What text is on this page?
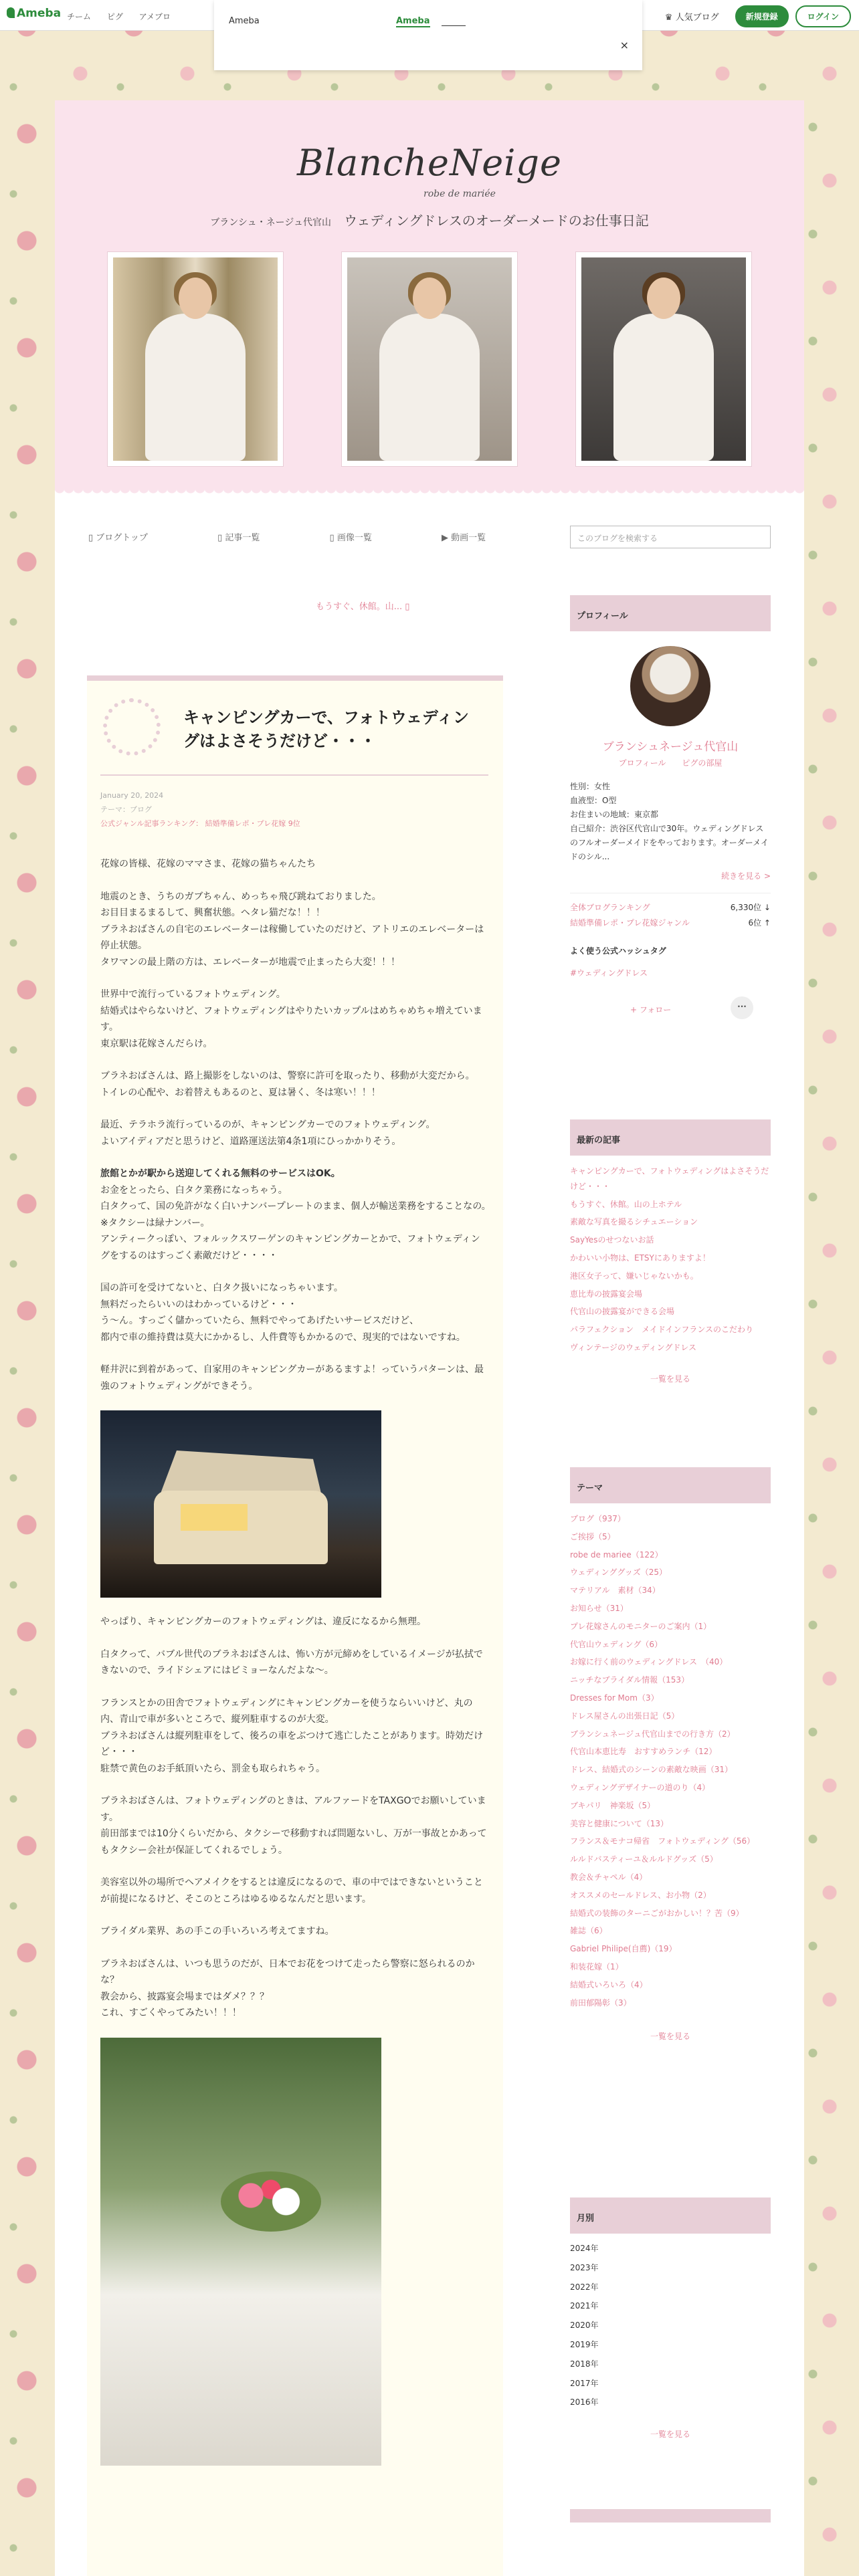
Ameba チーム ピグ アメブロ	♛ 人気ブログ	新規登録	ログイン
Ameba	Ameba
×
BlancheNeige
robe de mariée
ブランシュ・ネージュ代官山 ウェディングドレスのオーダーメードのお仕事日記
▯ ブログトップ	▯ 記事一覧	▯ 画像一覧	▶ 動画一覧	このブログを検索する
もうすぐ、休館。山... ▯
キャンピングカーで、フォトウェディングはよさそうだけど・・・
January 20, 2024
テーマ：ブログ
公式ジャンル記事ランキング： 結婚準備レポ・プレ花嫁 9位

花嫁の皆様、花嫁のママさま、花嫁の猫ちゃんたち

地震のとき、うちのガブちゃん、めっちゃ飛び跳ねておりました。
お目目まるまるして、興奮状態。ヘタレ猫だな！！！
ブラネおばさんの自宅のエレベーターは稼働していたのだけど、アトリエのエレベーターは停止状態。
タワマンの最上階の方は、エレベーターが地震で止まったら大変！！！

世界中で流行っているフォトウェディング。
結婚式はやらないけど、フォトウェディングはやりたいカップルはめちゃめちゃ増えています。
東京駅は花嫁さんだらけ。

ブラネおばさんは、路上撮影をしないのは、警察に許可を取ったり、移動が大変だから。
トイレの心配や、お着替えもあるのと、夏は暑く、冬は寒い！！！

最近、テラホラ流行っているのが、キャンピングカーでのフォトウェディング。
よいアイディアだと思うけど、道路運送法第4条1項にひっかかりそう。

旅館とかが駅から送迎してくれる無料のサービスはOK。

お金をとったら、白タク業務になっちゃう。
白タクって、国の免許がなく白いナンバープレートのまま、個人が輸送業務をすることなの。　※タクシーは緑ナンバー。
アンティークっぽい、フォルックスワーゲンのキャンピングカーとかで、フォトウェディングをするのはすっごく素敵だけど・・・・

国の許可を受けてないと、白タク扱いになっちゃいます。
無料だったらいいのはわかっているけど・・・
う〜ん。すっごく儲かっていたら、無料でやってあげたいサービスだけど、
都内で車の維持費は莫大にかかるし、人件費等もかかるので、現実的ではないですね。

軽井沢に到着があって、自家用のキャンピングカーがあるますよ！っていうパターンは、最強のフォトウェディングができそう。

やっぱり、キャンピングカーのフォトウェディングは、違反になるから無理。

白タクって、バブル世代のブラネおばさんは、怖い方が元締めをしているイメージが払拭できないので、ライドシェアにはビミョーなんだよな〜。

フランスとかの田舎でフォトウェディングにキャンピングカーを使うならいいけど、丸の内、青山で車が多いところで、縦列駐車するのが大変。
ブラネおばさんは縦列駐車をして、後ろの車をぶつけて逃亡したことがあります。時効だけど・・・
駐禁で黄色のお手紙頂いたら、罰金も取られちゃう。

ブラネおばさんは、フォトウェディングのときは、アルファードをTAXGOでお願いしています。
前田部までは10分くらいだから、タクシーで移動すれば問題ないし、万が一事故とかあってもタクシー会社が保証してくれるでしょう。

美容室以外の場所でヘアメイクをするとは違反になるので、車の中ではできないということが前提になるけど、そこのところはゆるゆるなんだと思います。

ブライダル業界、あの手この手いろいろ考えてますね。

ブラネおばさんは、いつも思うのだが、日本でお花をつけて走ったら警察に怒られるのかな？
教会から、披露宴会場まではダメ？？？
これ、すごくやってみたい！！！

プロフィール
ブランシュネージュ代官山
プロフィール ピグの部屋
性別：女性
血液型：O型
お住まいの地域：東京都
自己紹介：渋谷区代官山で30年。ウェディングドレスのフルオーダーメイドをやっております。オーダーメイドのシル...
続きを見る >
全体ブログランキング	6,330位 ↓
結婚準備レポ・プレ花嫁ジャンル	6位 ↑
よく使う公式ハッシュタグ
#ウェディングドレス
+ フォロー	···
最新の記事
キャンピングカーで、フォトウェディングはよさそうだけど・・・
もうすぐ、休館。山の上ホテル
素敵な写真を撮るシチュエーション
SayYesのせつないお話
かわいい小物は、ETSYにありますよ！
港区女子って、嫌いじゃないかも。
恵比寿の披露宴会場
代官山の披露宴ができる会場
パラフェクション　メイドインフランスのこだわり
ヴィンテージのウェディングドレス
一覧を見る
テーマ
ブログ（937）
ご挨拶（5）
robe de mariee（122）
ウェディンググッズ（25）
マテリアル　素材（34）
お知らせ（31）
プレ花嫁さんのモニターのご案内（1）
代官山ウェディング（6）
お嫁に行く前のウェディングドレス　（40）
ニッチなブライダル情報（153）
Dresses for Mom（3）
ドレス屋さんの出張日記（5）
ブランシュネージュ代官山までの行き方（2）
代官山本恵比寿　おすすめランチ（12）
ドレス、結婚式のシーンの素敵な映画（31）
ウェディングデザイナーの道のり（4）
ブキパリ　神楽坂（5）
美容と健康について（13）
フランス＆モナコ帰省　フォトウェディング（56）
ルルドバスティーユ＆ルルドグッズ（5）
教会＆チャペル（4）
オススメのセールドレス、お小物（2）
結婚式の装飾のターニごがおかしい！？苦（9）
雑誌（6）
Gabriel Philipe(自薦)（19）
和装花嫁（1）
結婚式いろいろ（4）
前田郁陽彰（3）
一覧を見る
月別
2024年
2023年
2022年
2021年
2020年
2019年
2018年
2017年
2016年
一覧を見る
